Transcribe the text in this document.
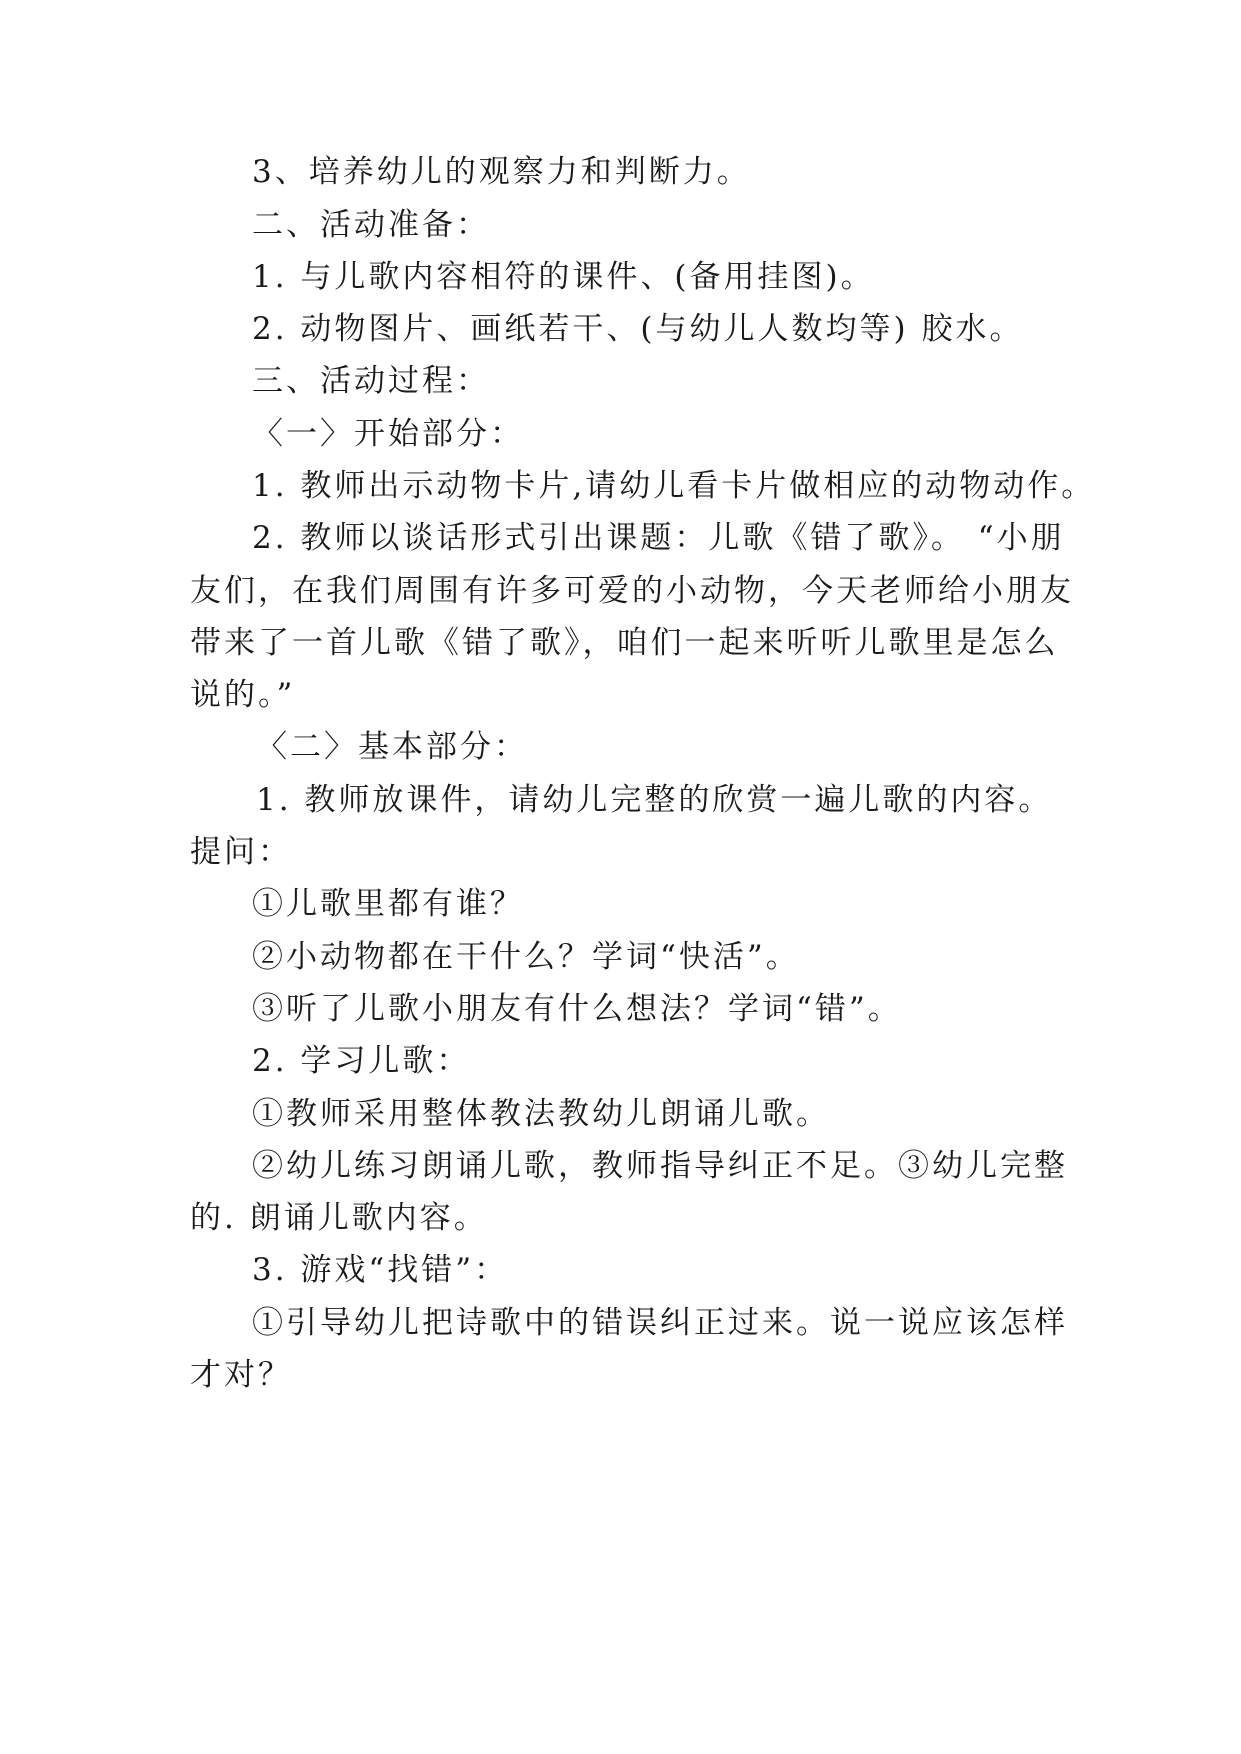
3、培养幼儿的观察力和判断力。
二、活动准备：
1. 与儿歌内容相符的课件、(备用挂图)。
2. 动物图片、画纸若干、(与幼儿人数均等) 胶水。
三、活动过程：
〈一〉开始部分：
1. 教师出示动物卡片,请幼儿看卡片做相应的动物动作。
2. 教师以谈话形式引出课题：儿歌《错了歌》。 “小朋
友们，在我们周围有许多可爱的小动物，今天老师给小朋友
带来了一首儿歌《错了歌》，咱们一起来听听儿歌里是怎么
说的。”
〈二〉基本部分：
1. 教师放课件，请幼儿完整的欣赏一遍儿歌的内容。
提问：
①儿歌里都有谁？
②小动物都在干什么？学词“快活”。
③听了儿歌小朋友有什么想法？学词“错”。
2. 学习儿歌：
①教师采用整体教法教幼儿朗诵儿歌。
②幼儿练习朗诵儿歌，教师指导纠正不足。③幼儿完整
的. 朗诵儿歌内容。
3. 游戏“找错”：
①引导幼儿把诗歌中的错误纠正过来。说一说应该怎样
才对？
